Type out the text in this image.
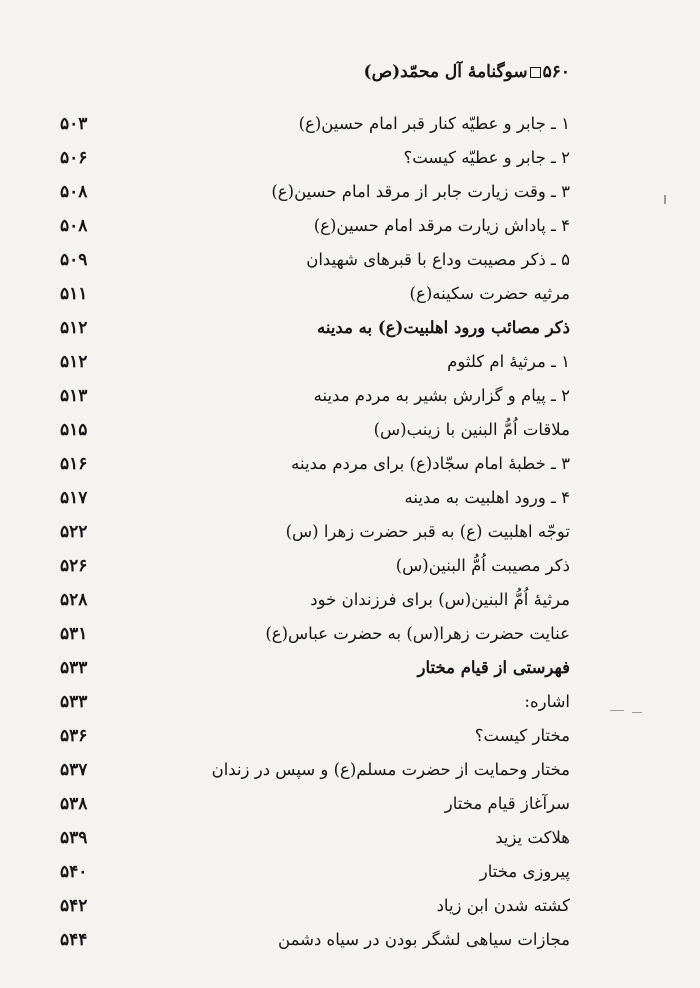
۵۶۰سوگنامهٔ آل محمّد(ص)
۱ ـ جابر و عطیّه کنار قبر امام حسین(ع)
۵۰۳
۲ ـ جابر و عطیّه کیست؟
۵۰۶
۳ ـ وقت زیارت جابر از مرقد امام حسین(ع)
۵۰۸
۴ ـ پاداش زیارت مرقد امام حسین(ع)
۵۰۸
۵ ـ ذکر مصیبت وداع با قبرهای شهیدان
۵۰۹
مرثیه حضرت سکینه(ع)
۵۱۱
ذکر مصائب ورود اهلبیت(ع) به مدینه
۵۱۲
۱ ـ مرثیهٔ ام کلثوم
۵۱۲
۲ ـ پیام و گزارش بشیر به مردم مدینه
۵۱۳
ملاقات اُمُّ البنین با زینب(س)
۵۱۵
۳ ـ خطبهٔ امام سجّاد(ع) برای مردم مدینه
۵۱۶
۴ ـ ورود اهلبیت به مدینه
۵۱۷
توجّه اهلبیت (ع) به قبر حضرت زهرا (س)
۵۲۲
ذکر مصیبت اُمُّ البنین(س)
۵۲۶
مرثیهٔ اُمُّ البنین(س) برای فرزندان خود
۵۲۸
عنایت حضرت زهرا(س) به حضرت عباس(ع)
۵۳۱
فهرستی از قیام مختار
۵۳۳
اشاره:
۵۳۳
مختار کیست؟
۵۳۶
مختار وحمایت از حضرت مسلم(ع) و سپس در زندان
۵۳۷
سرآغاز قیام مختار
۵۳۸
هلاکت یزید
۵۳۹
پیروزی مختار
۵۴۰
کشته شدن ابن زیاد
۵۴۲
مجازات سیاهی لشگر بودن در سیاه دشمن
۵۴۴
